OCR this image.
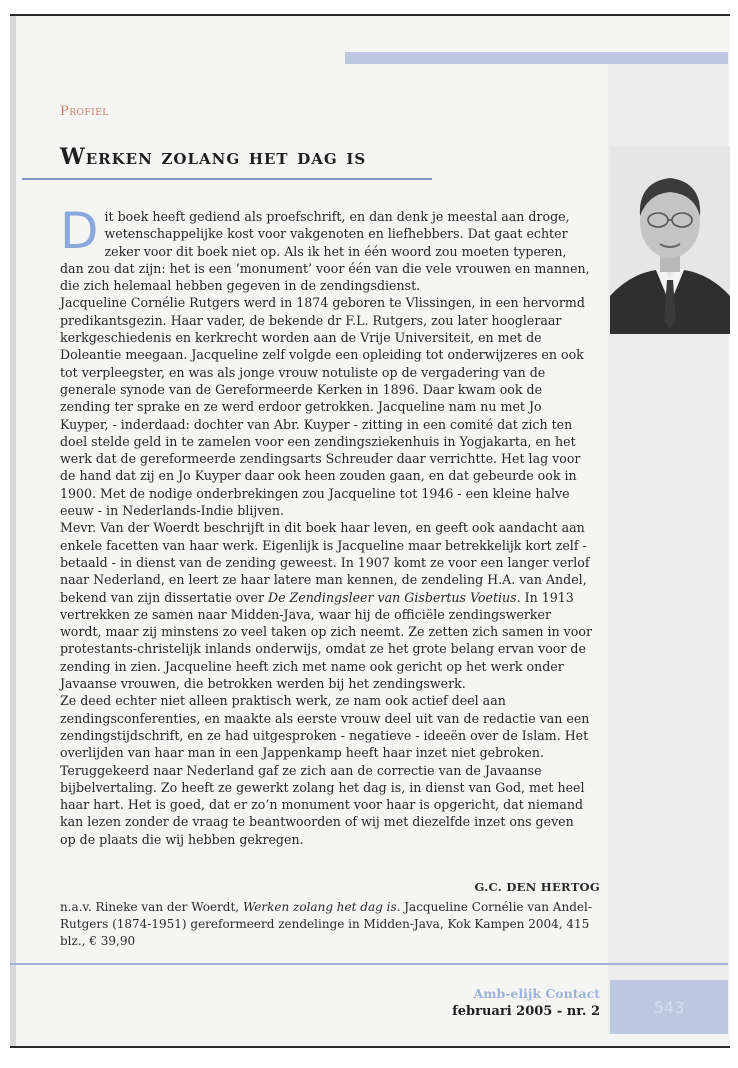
Profiel
Werken zolang het dag is

Dit boek heeft gediend als proefschrift, en dan denk je meestal aan droge, wetenschappelijke kost voor vakgenoten en liefhebbers. Dat gaat echter zeker voor dit boek niet op. Als ik het in één woord zou moeten typeren, dan zou dat zijn: het is een ‘monument’ voor één van die vele vrouwen en mannen, die zich helemaal hebben gegeven in de zendingsdienst.

Jacqueline Cornélie Rutgers werd in 1874 geboren te Vlissingen, in een hervormd predikantsgezin. Haar vader, de bekende dr F.L. Rutgers, zou later hoogleraar kerkgeschiedenis en kerkrecht worden aan de Vrije Universiteit, en met de Doleantie meegaan. Jacqueline zelf volgde een opleiding tot onderwijzeres en ook tot verpleegster, en was als jonge vrouw notuliste op de vergadering van de generale synode van de Gereformeerde Kerken in 1896. Daar kwam ook de zending ter sprake en ze werd erdoor getrokken. Jacqueline nam nu met Jo Kuyper, - inderdaad: dochter van Abr. Kuyper - zitting in een comité dat zich ten doel stelde geld in te zamelen voor een zendingsziekenhuis in Yogjakarta, en het werk dat de gereformeerde zendingsarts Schreuder daar verrichtte. Het lag voor de hand dat zij en Jo Kuyper daar ook heen zouden gaan, en dat gebeurde ook in 1900. Met de nodige onderbrekingen zou Jacqueline tot 1946 - een kleine halve eeuw - in Nederlands-Indie blijven.

Mevr. Van der Woerdt beschrijft in dit boek haar leven, en geeft ook aandacht aan enkele facetten van haar werk. Eigenlijk is Jacqueline maar betrekkelijk kort zelf - betaald - in dienst van de zending geweest. In 1907 komt ze voor een langer verlof naar Nederland, en leert ze haar latere man kennen, de zendeling H.A. van Andel, bekend van zijn dissertatie over De Zendingsleer van Gisbertus Voetius. In 1913 vertrekken ze samen naar Midden-Java, waar hij de officiële zendingswerker wordt, maar zij minstens zo veel taken op zich neemt. Ze zetten zich samen in voor protestants-christelijk inlands onderwijs, omdat ze het grote belang ervan voor de zending in zien. Jacqueline heeft zich met name ook gericht op het werk onder Javaanse vrouwen, die betrokken werden bij het zendingswerk.

Ze deed echter niet alleen praktisch werk, ze nam ook actief deel aan zendingsconferenties, en maakte als eerste vrouw deel uit van de redactie van een zendingstijdschrift, en ze had uitgesproken - negatieve - ideeën over de Islam. Het overlijden van haar man in een Jappenkamp heeft haar inzet niet gebroken. Teruggekeerd naar Nederland gaf ze zich aan de correctie van de Javaanse bijbelvertaling. Zo heeft ze gewerkt zolang het dag is, in dienst van God, met heel haar hart. Het is goed, dat er zo’n monument voor haar is opgericht, dat niemand kan lezen zonder de vraag te beantwoorden of wij met diezelfde inzet ons geven op de plaats die wij hebben gekregen.

G.C. DEN HERTOG
n.a.v. Rineke van der Woerdt, Werken zolang het dag is. Jacqueline Cornélie van Andel-Rutgers (1874-1951) gereformeerd zendelinge in Midden-Java, Kok Kampen 2004, 415 blz., € 39,90
Amb-elijk Contact
februari 2005 - nr. 2	543
